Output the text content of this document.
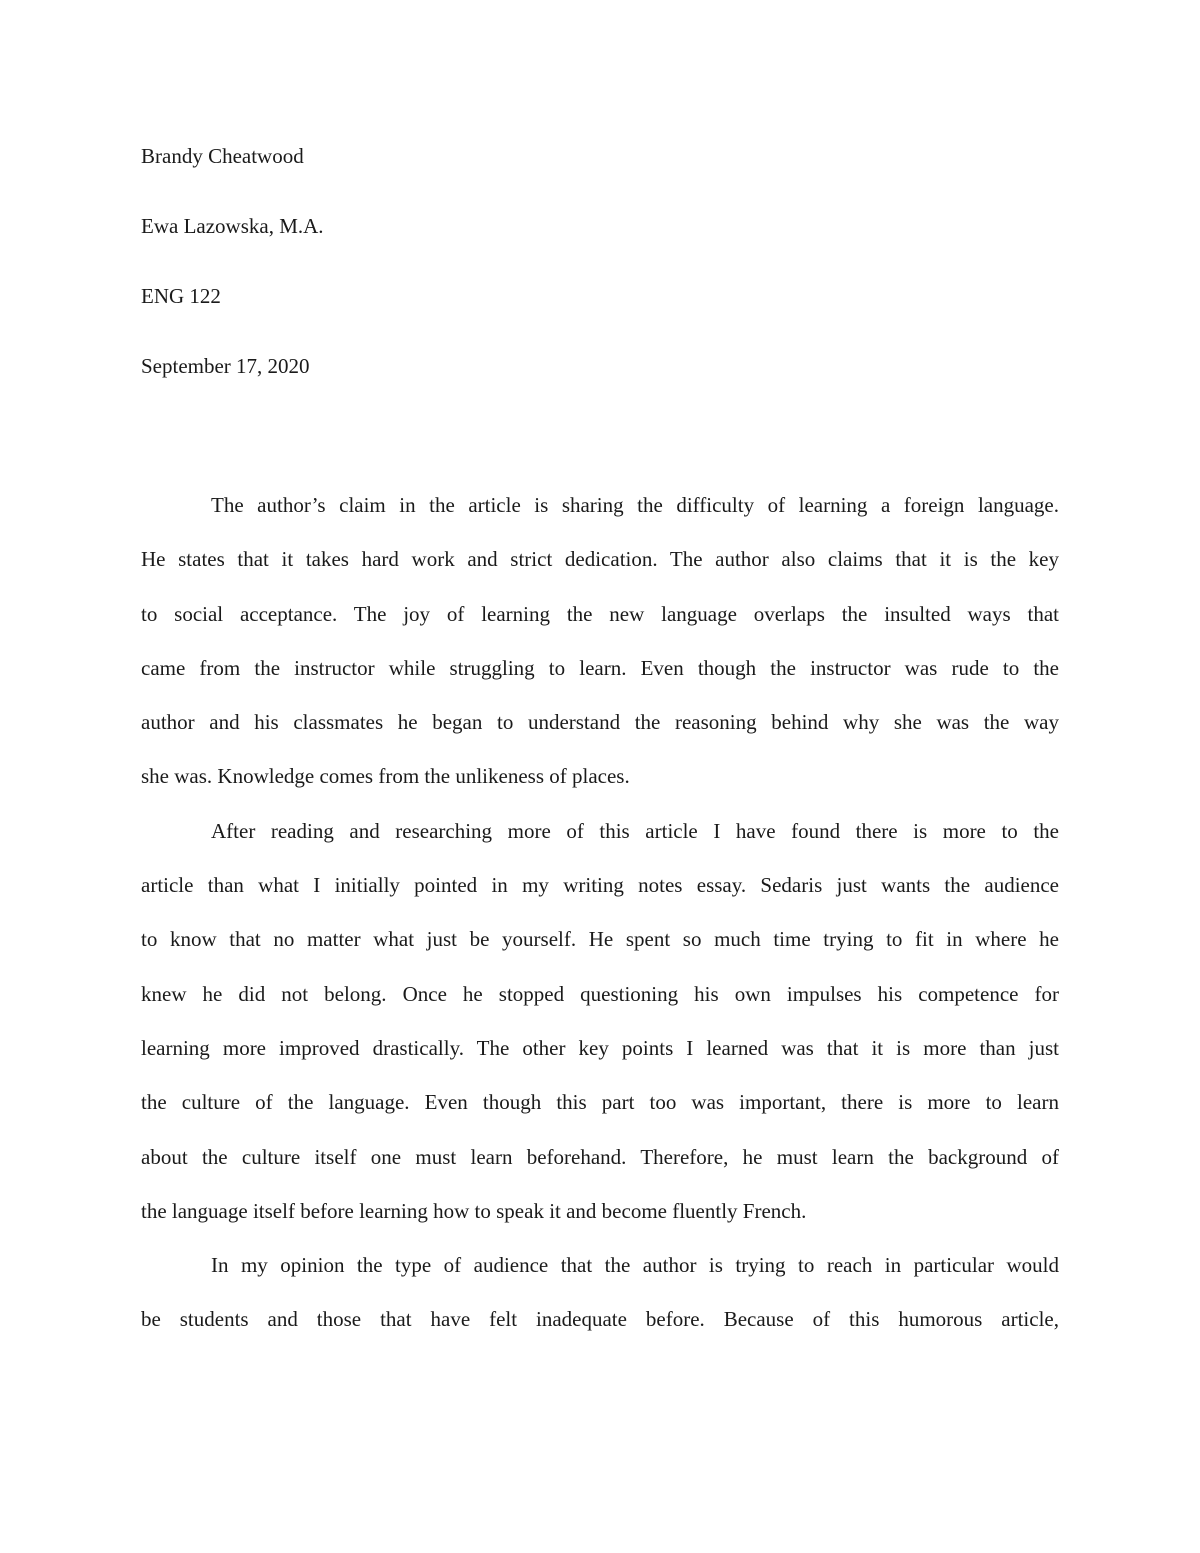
Brandy Cheatwood
Ewa Lazowska, M.A.
ENG 122
September 17, 2020
The author’s claim in the article is sharing the difficulty of learning a foreign language.
He states that it takes hard work and strict dedication. The author also claims that it is the key
to social acceptance. The joy of learning the new language overlaps the insulted ways that
came from the instructor while struggling to learn. Even though the instructor was rude to the
author and his classmates he began to understand the reasoning behind why she was the way
she was. Knowledge comes from the unlikeness of places.
After reading and researching more of this article I have found there is more to the
article than what I initially pointed in my writing notes essay. Sedaris just wants the audience
to know that no matter what just be yourself. He spent so much time trying to fit in where he
knew he did not belong. Once he stopped questioning his own impulses his competence for
learning more improved drastically. The other key points I learned was that it is more than just
the culture of the language. Even though this part too was important, there is more to learn
about the culture itself one must learn beforehand. Therefore, he must learn the background of
the language itself before learning how to speak it and become fluently French.
In my opinion the type of audience that the author is trying to reach in particular would
be students and those that have felt inadequate before. Because of this humorous article,
